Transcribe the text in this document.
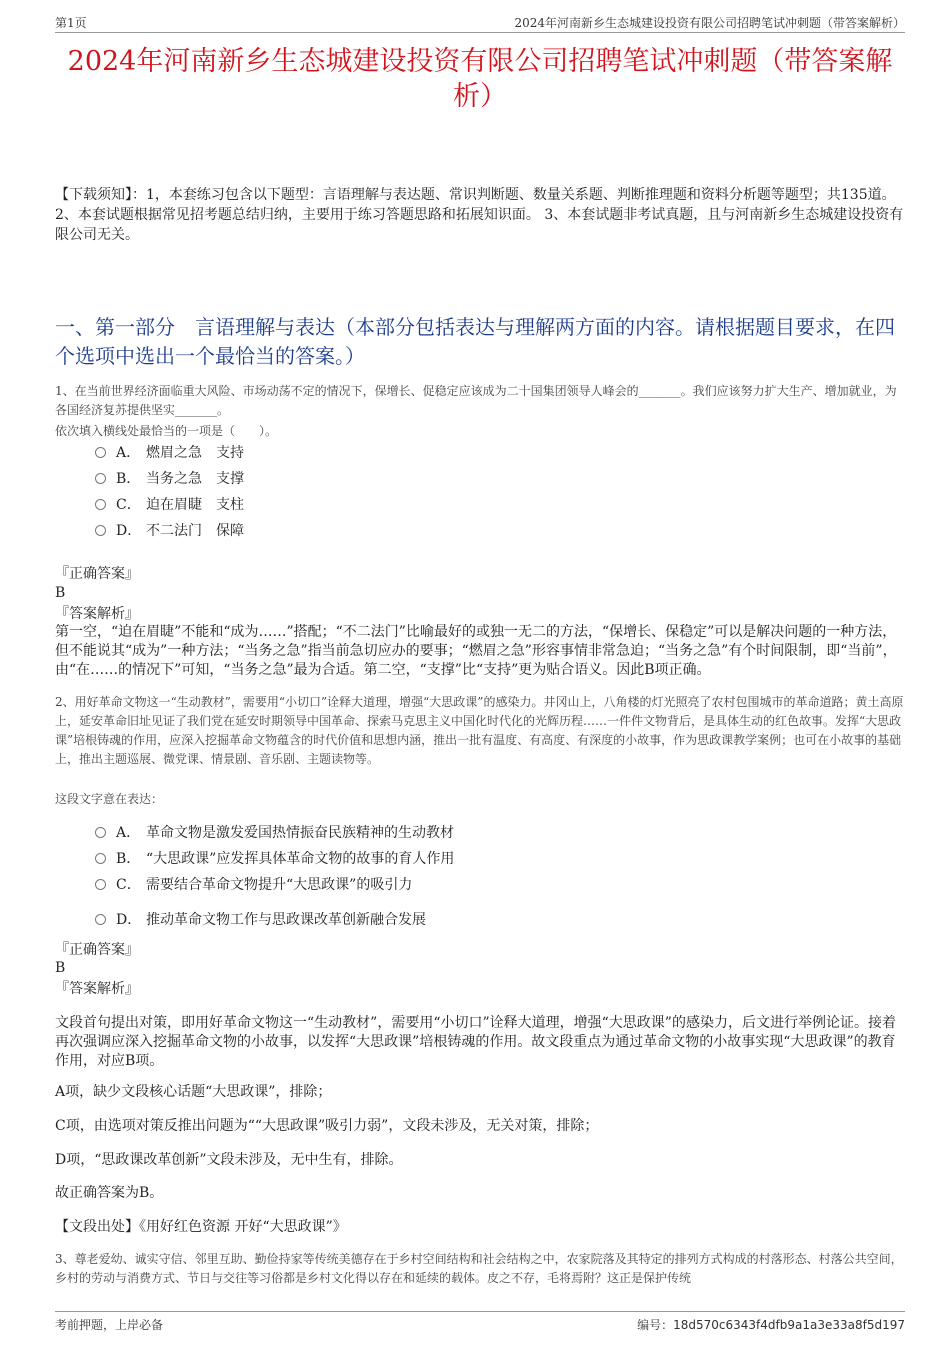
第1页	2024年河南新乡生态城建设投资有限公司招聘笔试冲刺题（带答案解析）
2024年河南新乡生态城建设投资有限公司招聘笔试冲刺题（带答案解析）
【下载须知】：1，本套练习包含以下题型：言语理解与表达题、常识判断题、数量关系题、判断推理题和资料分析题等题型；共135道。 2、本套试题根据常见招考题总结归纳，主要用于练习答题思路和拓展知识面。 3、本套试题非考试真题，且与河南新乡生态城建设投资有限公司无关。
一、第一部分　言语理解与表达（本部分包括表达与理解两方面的内容。请根据题目要求，在四个选项中选出一个最恰当的答案。）
1、在当前世界经济面临重大风险、市场动荡不定的情况下，保增长、促稳定应该成为二十国集团领导人峰会的_______。我们应该努力扩大生产、增加就业，为各国经济复苏提供坚实_______。
依次填入横线处最恰当的一项是（　　）。
A． 燃眉之急　支持
B． 当务之急　支撑
C． 迫在眉睫　支柱
D． 不二法门　保障
『正确答案』
B
『答案解析』
第一空，“迫在眉睫”不能和“成为……”搭配；“不二法门”比喻最好的或独一无二的方法，“保增长、保稳定”可以是解决问题的一种方法，但不能说其“成为”一种方法；“当务之急”指当前急切应办的要事；“燃眉之急”形容事情非常急迫；“当务之急”有个时间限制，即“当前”，由“在……的情况下”可知，“当务之急”最为合适。第二空，“支撑”比“支持”更为贴合语义。因此B项正确。
2、用好革命文物这一“生动教材”，需要用“小切口”诠释大道理，增强“大思政课”的感染力。井冈山上，八角楼的灯光照亮了农村包围城市的革命道路；黄土高原上，延安革命旧址见证了我们党在延安时期领导中国革命、探索马克思主义中国化时代化的光辉历程……一件件文物背后，是具体生动的红色故事。发挥“大思政课”培根铸魂的作用，应深入挖掘革命文物蕴含的时代价值和思想内涵，推出一批有温度、有高度、有深度的小故事，作为思政课教学案例；也可在小故事的基础上，推出主题巡展、微党课、情景剧、音乐剧、主题读物等。
这段文字意在表达：
A． 革命文物是激发爱国热情振奋民族精神的生动教材
B． “大思政课”应发挥具体革命文物的故事的育人作用
C． 需要结合革命文物提升“大思政课”的吸引力
D． 推动革命文物工作与思政课改革创新融合发展
『正确答案』
B
『答案解析』
文段首句提出对策，即用好革命文物这一“生动教材”，需要用“小切口”诠释大道理，增强“大思政课”的感染力，后文进行举例论证。接着再次强调应深入挖掘革命文物的小故事，以发挥“大思政课”培根铸魂的作用。故文段重点为通过革命文物的小故事实现“大思政课”的教育作用，对应B项。
A项，缺少文段核心话题“大思政课”，排除；
C项，由选项对策反推出问题为““大思政课”吸引力弱”，文段未涉及，无关对策，排除；
D项，“思政课改革创新”文段未涉及，无中生有，排除。
故正确答案为B。
【文段出处】《用好红色资源 开好“大思政课”》
3、尊老爱幼、诚实守信、邻里互助、勤俭持家等传统美德存在于乡村空间结构和社会结构之中，农家院落及其特定的排列方式构成的村落形态、村落公共空间，乡村的劳动与消费方式、节日与交往等习俗都是乡村文化得以存在和延续的载体。皮之不存，毛将焉附？这正是保护传统
考前押题，上岸必备	编号：18d570c6343f4dfb9a1a3e33a8f5d197
